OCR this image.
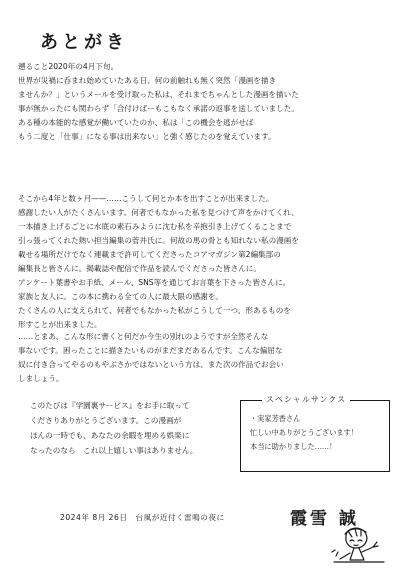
あとがき
遡ること2020年の4月下旬。
世界が災禍に呑まれ始めていたある日、何の前触れも無く突然「漫画を描き
ませんか？」というメールを受け取った私は、それまでちゃんとした漫画を描いた
事が無かったにも関わらず「合付けばーもこもなく承諾の返事を送していました。
ある種の本能的な感覚が働いていたのか、私は「この機会を逃がせば
もう二度と「仕事」になる事は出来ない」と強く感じたのを覚えています。
そこから4年と数ヶ月——……こうして何とか本を出すことが出来ました。
感謝したい人がたくさんいます。何者でもなかった私を見つけて声をかけてくれ、
一本描き上げるごとに水底の素石みように沈む私を辛抱引き上げてくることまで
引っ張ってくれた熱い担当編集の菅井氏に。何故の馬の骨とも知れない私の漫画を
載せる場所だけでなく連載まで許可してくださったコアマガジン第2編集部の
編集長と皆さんに。掲載誌や配信で作品を読んでくださった皆さんに。
アンケート葉書やお手紙、メール、SNS等を通じてお言葉を下さった皆さんに。
家族と友人に。この本に携わる全ての人に最大限の感謝を。
たくさんの人に支えられて、何者でもなかった私がこうして一つ、形あるものを
形すことが出来ました。
……とまあ、こんな形に書くと何だか今生の別れのようですが全然そんな
事ないです。困ったことに描きたいものがまだまだあるんです。こんな偏屈な
奴に付き合ってやるのもやぶさかではないという方は、また次の作品でお会い
しましょう。
このたびは『学園裏サービス』をお手に取って
くださりありがとうございます。この漫画が
ほんの一時でも、あなたの余暇を埋める娯楽に
なったのなら　これ以上嬉しい事はありません。
スペシャルサンクス
・実家芳香さん
忙しい中ありがとうございます！
本当に助かりました……！
2024年 8月 26日　台風が近付く雷鳴の夜に	霞雪 誠
